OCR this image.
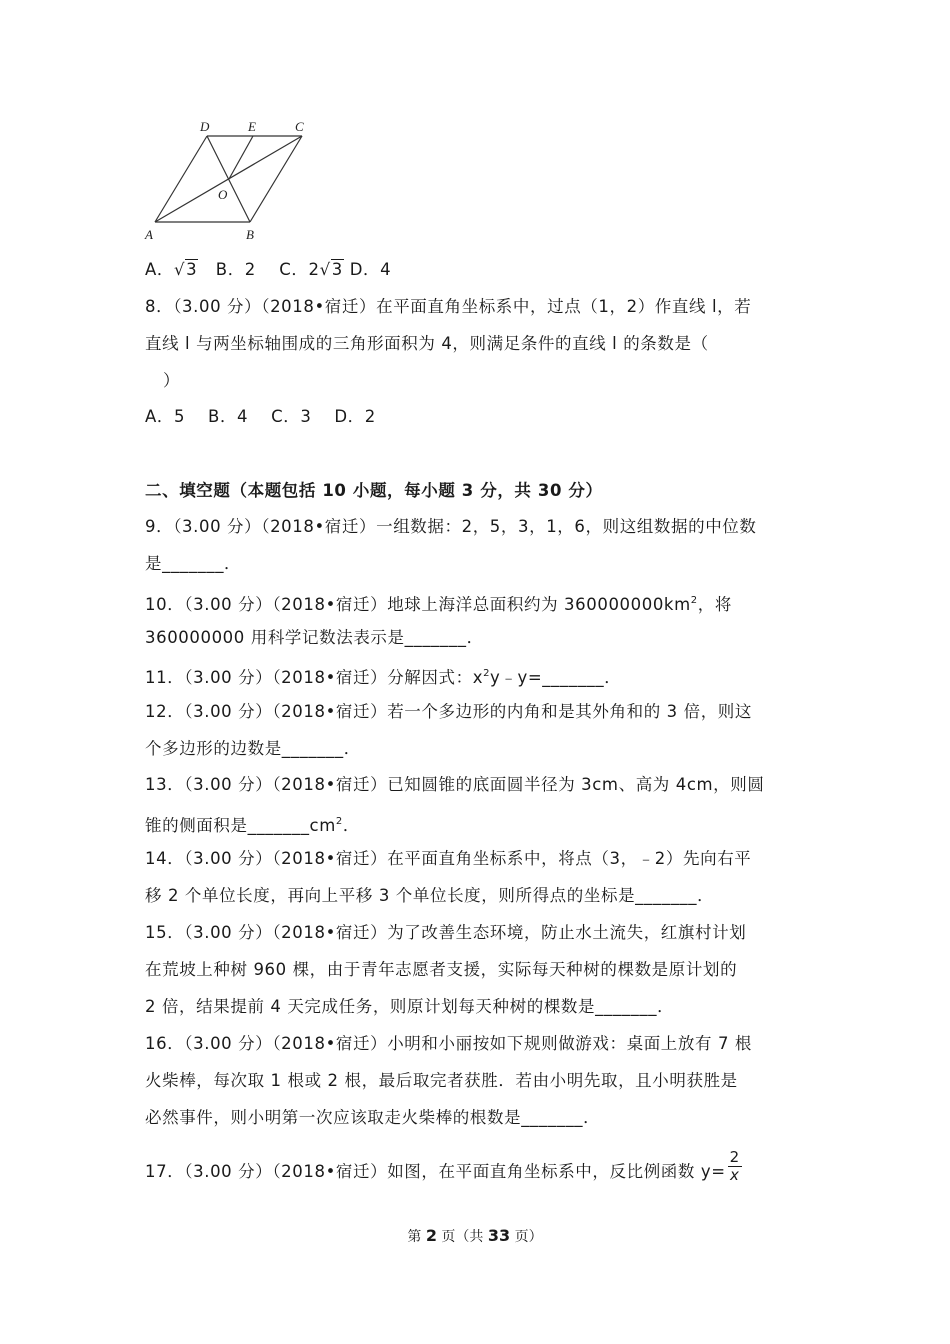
D	E	C
O
A	B
A．√3 B．2 C．2√3 D．4
8．（3.00 分）（2018•宿迁）在平面直角坐标系中，过点（1，2）作直线 l，若
直线 l 与两坐标轴围成的三角形面积为 4，则满足条件的直线 l 的条数是（
）
A．5　 B．4　 C．3　 D．2
二、填空题（本题包括 10 小题，每小题 3 分，共 30 分）
9．（3.00 分）（2018•宿迁）一组数据：2，5，3，1，6，则这组数据的中位数
是_______．
10．（3.00 分）（2018•宿迁）地球上海洋总面积约为 $360000000km^2$，将
360000000 用科学记数法表示是_______．
11．（3.00 分）（2018•宿迁）分解因式：$x^2y﹣y=\_\_\_\_\_\_\_$．
12．（3.00 分）（2018•宿迁）若一个多边形的内角和是其外角和的 3 倍，则这
个多边形的边数是_______．
13．（3.00 分）（2018•宿迁）已知圆锥的底面圆半径为 3cm、高为 4cm，则圆
锥的侧面积是$\_\_\_\_\_\_\_cm^2$．
14．（3.00 分）（2018•宿迁）在平面直角坐标系中，将点（3，﹣2）先向右平
移 2 个单位长度，再向上平移 3 个单位长度，则所得点的坐标是_______．
15．（3.00 分）（2018•宿迁）为了改善生态环境，防止水土流失，红旗村计划
在荒坡上种树 960 棵，由于青年志愿者支援，实际每天种树的棵数是原计划的
2 倍，结果提前 4 天完成任务，则原计划每天种树的棵数是_______．
16．（3.00 分）（2018•宿迁）小明和小丽按如下规则做游戏：桌面上放有 7 根
火柴棒，每次取 1 根或 2 根，最后取完者获胜．若由小明先取，且小明获胜是
必然事件，则小明第一次应该取走火柴棒的根数是_______．
17．（3.00 分）（2018•宿迁）如图，在平面直角坐标系中，反比例函数 $y= \frac{2}{x}$
第 2 页（共 33 页）
